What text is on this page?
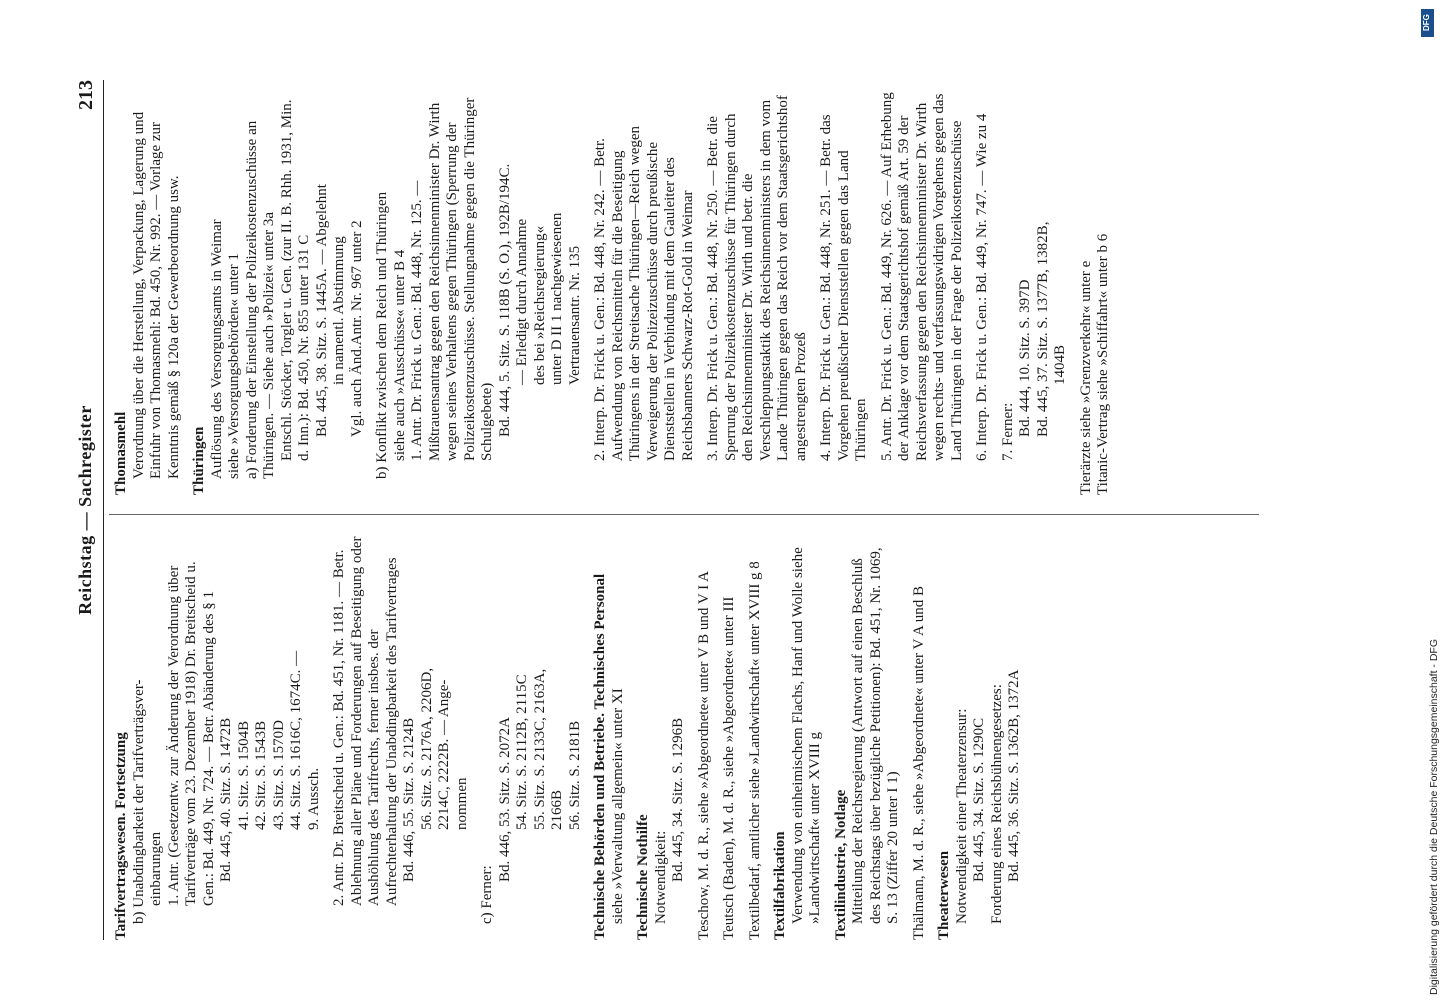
Reichstag — Sachregister
213
Tarifvertragswesen. Fortsetzung b) Unabdingbarkeit der Tarifverträgsver- einbarungen 1. Antr. (Gesetzentw. zur Änderung der Verordnung über Tarifverträge vom 23. Dezember 1918) Dr. Breitscheid u. Gen.: Bd. 449, Nr. 724. — Betr. Abänderung des § 1 Bd. 445, 40. Sitz. S. 1472B 41. Sitz. S. 1504B 42. Sitz. S. 1543B 43. Sitz. S. 1570D 44. Sitz. S. 1616C, 1674C. — 9. Aussch. 2. Antr. Dr. Breitscheid u. Gen.: Bd. 451, Nr. 1181. — Betr. Ablehnung aller Pläne und Forderungen auf Beseitigung oder Aushöhlung des Tarifrechts, ferner insbes. der Aufrechterhaltung der Unabdingbarkeit des Tarifvertrages Bd. 446, 55. Sitz. S. 2124B 56. Sitz. S. 2176A, 2206D, 2214C, 2222B. — Ange- nommen
c) Ferner:
Bd. 446, 53. Sitz. S. 2072A 54. Sitz. S. 2112B, 2115C 55. Sitz. S. 2133C, 2163A, 2166B 56. Sitz. S. 2181B Technische Behörden und Betriebe. Technisches Personal siehe »Verwaltung allgemein« unter XI Technische Nothilfe Notwendigkeit: Bd. 445, 34. Sitz. S. 1296B Teschow, M. d. R., siehe »Abgeordnete« unter V B und V I A Teutsch (Baden), M. d. R., siehe »Abgeordnete« unter III Textilbedarf, amtlicher siehe »Landwirtschaft« unter XVIII g 8 Textilfabrikation Verwendung von einheimischem Flachs, Hanf und Wolle siehe »Landwirtschaft« unter XVIII g Textilindustrie, Notlage Mitteilung der Reichsregierung (Antwort auf einen Beschluß des Reichstags über bezügliche Petitionen): Bd. 451, Nr. 1069, S. 13 (Ziffer 20 unter I 1) Thälmann, M. d. R., siehe »Abgeordnete« unter V A und B Theaterwesen Notwendigkeit einer Theaterzensur: Bd. 445, 34. Sitz. S. 1290C Forderung eines Reichsbühnengesetzes: Bd. 445, 36. Sitz. S. 1362B, 1372A
Thomasmehl Verordnung über die Herstellung, Verpackung, Lagerung und Einfuhr von Thomasmehl: Bd. 450, Nr. 992. — Vorlage zur Kenntnis gemäß § 120a der Gewerbeordnung usw. Thüringen Auflösung des Versorgungsamts in Weimar siehe »Versorgungsbehörden« unter 1 a) Forderung der Einstellung der Polizeikostenzuschüsse an Thüringen. — Siehe auch »Polizei« unter 3a Entschl. Stöcker, Torgler u. Gen. (zur II. B. Rhh. 1931, Min. d. Inn.): Bd. 450, Nr. 855 unter 131 C Bd. 445, 38. Sitz. S. 1445A. — Abgelehnt in namentl. Abstimmung Vgl. auch Änd.Antr. Nr. 967 unter 2 b) Konflikt zwischen dem Reich und Thüringen siehe auch »Ausschüsse« unter B 4 1. Antr. Dr. Frick u. Gen.: Bd. 448, Nr. 125. — Mißtrauensantrag gegen den Reichsinnenminister Dr. Wirth wegen seines Verhaltens gegen Thüringen (Sperrung der Polizeikostenzuschüsse. Stellungnahme gegen die Thüringer Schulgebete) Bd. 444, 5. Sitz. S. 118B (S. O.), 192B/194C. — Erledigt durch Annahme des bei »Reichsregierung« unter D II 1 nachgewiesenen Vertrauensantr. Nr. 135 2. Interp. Dr. Frick u. Gen.: Bd. 448, Nr. 242. — Betr. Aufwendung von Reichsmitteln für die Beseitigung Thüringens in der Streitsache Thüringen—Reich wegen Verweigerung der Polizeizuschüsse durch preußische Dienststellen in Verbindung mit dem Gauleiter des Reichsbanners Schwarz-Rot-Gold in Weimar 3. Interp. Dr. Frick u. Gen.: Bd. 448, Nr. 250. — Betr. die Sperrung der Polizeikostenzuschüsse für Thüringen durch den Reichsinnenminister Dr. Wirth und betr. die Verschleppungstaktik des Reichsinnenministers in dem vom Lande Thüringen gegen das Reich vor dem Staatsgerichtshof angestrengten Prozeß 4. Interp. Dr. Frick u. Gen.: Bd. 448, Nr. 251. — Betr. das Vorgehen preußischer Dienststellen gegen das Land Thüringen 5. Antr. Dr. Frick u. Gen.: Bd. 449, Nr. 626. — Auf Erhebung der Anklage vor dem Staatsgerichtshof gemäß Art. 59 der Reichsverfassung gegen den Reichsinnenminister Dr. Wirth wegen rechts- und verfassungswidrigen Vorgehens gegen das Land Thüringen in der Frage der Polizeikostenzuschüsse 6. Interp. Dr. Frick u. Gen.: Bd. 449, Nr. 747. — Wie zu 4 7. Ferner: Bd. 444, 10. Sitz. S. 397D Bd. 445, 37. Sitz. S. 1377B, 1382B, 1404B Tierärzte siehe »Grenzverkehr« unter e Titanic-Vertrag siehe »Schiffahrt« unter b 6
Digitalisierung gefördert durch die Deutsche Forschungsgemeinschaft - DFG
DFG
